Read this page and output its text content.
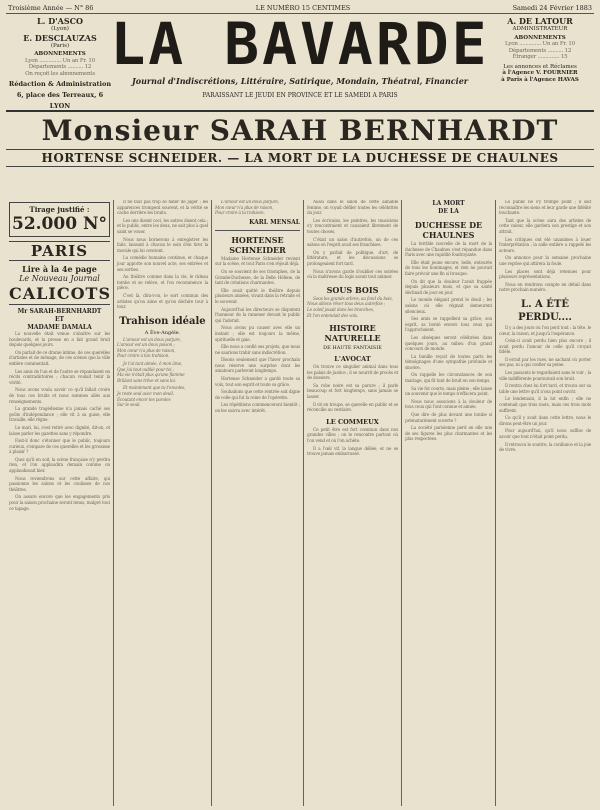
Troisième Année — N° 86	LE NUMÉRO 15 CENTIMES	Samedi 24 Février 1883
L. D'ASCO
(Lyon)
E. DESCLAUZAS
(Paris)
ABONNEMENTS
Lyon .............. Un an Fr. 10
Départements .......... 12
On reçoit les abonnements
Rédaction & Administration
6, place des Terreaux, 6
LYON
LA BAVARDE
Journal d'Indiscrétions, Littéraire, Satirique, Mondain, Théatral, Financier
PARAISSANT LE JEUDI EN PROVINCE ET LE SAMEDI A PARIS
A. DE LATOUR
ADMINISTRATEUR
ABONNEMENTS
Lyon .............. Un an Fr. 10
Départements .......... 12
Étranger .............. 15
Les annonces et Réclames
à l'Agence V. FOURNIER
à Paris à l'Agence HAVAS
Monsieur SARAH BERNHARDT
HORTENSE SCHNEIDER. — LA MORT DE LA DUCHESSE DE CHAULNES
Tirage justifié :
52.000 N°
PARIS
Lire à la 4e page
Le Nouveau Journal
CALICOTS
Mr SARAH-BERNHARDT
ET
MADAME DAMALA

La nouvelle était venue s'abattre sur les boulevards, et la presse en a fait grand bruit depuis quelques jours.

On parlait de ce drame intime, de ces querelles d'artistes et de ménage, de ces scènes que la ville entière commentait.

Les amis de l'un et de l'autre se répandaient en récits contradictoires ; chacun voulait tenir la vérité.

Nous avons voulu savoir ce qu'il fallait croire de tous ces bruits et nous sommes allés aux renseignements.

La grande tragédienne n'a jamais caché ses goûts d'indépendance ; elle vit à sa guise, elle travaille, elle règne.

Le mari, lui, s'est retiré avec dignité, dit-on, et laisse parler les gazettes sans y répondre.

Faut-il donc s'étonner que le public, toujours curieux, s'empare de ces querelles et les grossisse à plaisir ?

Quoi qu'il en soit, la scène française n'y perdra rien, et l'on applaudira demain comme on applaudissait hier.

Nous reviendrons sur cette affaire, qui passionne les salons et les coulisses de nos théâtres.

On assure encore que les engagements pris pour la saison prochaine seront tenus, malgré tout ce tapage.

Il ne faut pas trop se hâter de juger ; les apparences trompent souvent, et la vérité se cache derrière les bruits.

Les uns disent ceci, les autres disent cela ; et le public, entre les deux, ne sait plus à quel saint se vouer.

Nous nous bornerons à enregistrer les faits, laissant à chacun le soin d'en tirer la morale qui lui convient.

La comédie humaine continue, et chaque jour apporte son nouvel acte, ses entrées et ses sorties.

Au théâtre comme dans la vie, le rideau tombe et se relève, et l'on recommence la pièce.

C'est là, dira-t-on, le sort commun des artistes qu'on aime et qu'on déchire tour à tour.

Trahison idéale
A Ève-Angèle.

L'amour est un doux parjure,
L'amour est un doux poison ;
Mon cœur n'a plus de raison,
Pour croire à ton trahison.

Je t'ai tant aimée, ô mon âme,
Que j'ai tout oublié pour toi ;
Ma vie n'était plus qu'une flamme
Brûlant sans trêve et sans loi.

Et maintenant que tu t'envoles,
Je reste seul avec mon deuil,
Écoutant encor tes paroles
Sur le seuil.

L'amour est un doux parjure,
Mon cœur n'a plus de raison,
Pour croire à ta trahison.

KARL MENSAL
HORTENSE SCHNEIDER

Madame Hortense Schneider revient sur la scène, et tout Paris s'en réjouit déjà.

On se souvient de ses triomphes, de la Grande-Duchesse, de la Belle Hélène, de tant de créations charmantes.

Elle avait quitté le théâtre depuis plusieurs années, vivant dans la retraite et le souvenir.

Aujourd'hui les directeurs se disputent l'honneur de la ramener devant le public qui l'adorait.

Nous avons pu causer avec elle un instant ; elle est toujours la même, spirituelle et gaie.

Elle nous a confié ses projets, que nous ne saurions trahir sans indiscrétion.

Disons seulement que l'hiver prochain nous réserve une surprise dont les amateurs parleront longtemps.

Hortense Schneider a gardé toute sa voix, tout son esprit et toute sa grâce.

Souhaitons que cette rentrée soit digne de celle qui fut la reine de l'opérette.

Les répétitions commenceront bientôt ; on les suivra avec intérêt.

Aussi dans le salon de cette aimable femme, on voyait défiler toutes les célébrités du jour.

Les écrivains, les peintres, les musiciens s'y rencontraient et causaient librement de toutes choses.

C'était un salon d'autrefois, un de ces salons où l'esprit avait ses franchises.

On y parlait de politique, d'art, de littérature, et les discussions se prolongeaient fort tard.

Nous n'avons garde d'oublier ces soirées où la maîtresse du logis savait tout animer.

SOUS BOIS

Sous les grands arbres, au fond du bois,
Nous allions rêver tous deux autrefois ;
Le soleil jouait dans les branches,
Et l'on entendait des voix.

HISTOIRE NATURELLE
DE HAUTE FANTAISIE
L'AVOCAT

On trouve ce singulier animal dans tous les palais de justice ; il se nourrit de procès et de dossiers.

Sa robe noire est sa parure ; il parle beaucoup et fort longtemps, sans jamais se lasser.

Il vit en troupe, se querelle en public et se réconcilie au vestiaire.

LE COMMEUX

Ce petit être est fort commun dans nos grandes villes ; on le rencontre partout où l'on vend et où l'on achète.

Il a l'œil vif, la langue déliée, et ne se trouve jamais embarrassé.

LA MORT
DE LA
DUCHESSE DE CHAULNES

La terrible nouvelle de la mort de la duchesse de Chaulnes s'est répandue dans Paris avec une rapidité foudroyante.

Elle était jeune encore, belle, entourée de tous les hommages, et rien ne pouvait faire prévoir une fin si brusque.

On dit que la douleur l'avait frappée depuis plusieurs mois, et que sa santé déclinait de jour en jour.

Le monde élégant prend le deuil ; les salons où elle régnait demeurent silencieux.

Ses amis se rappellent sa grâce, son esprit, sa bonté envers tous ceux qui l'approchaient.

Les obsèques seront célébrées dans quelques jours, au milieu d'un grand concours de monde.

La famille reçoit de toutes parts les témoignages d'une sympathie profonde et sincère.

On rappelle les circonstances de son mariage, qui fit tant de bruit en son temps.

Sa vie fut courte, mais pleine ; elle laisse un souvenir que le temps n'effacera point.

Nous nous associons à la douleur de tous ceux qui l'ont connue et aimée.

Que dire de plus devant une tombe si prématurément ouverte ?

La société parisienne perd en elle une de ses figures les plus charmantes et les plus respectées.

Le public ne s'y trompe point ; il sait reconnaître les siens et leur garde une fidélité touchante.

Tant que la scène aura des artistes de cette valeur, elle gardera son prestige et son attrait.

Les critiques ont été unanimes à louer l'interprétation ; la salle entière a rappelé les acteurs.

On annonce pour la semaine prochaine une reprise qui attirera la foule.

Les places sont déjà retenues pour plusieurs représentations.

Nous en rendrons compte en détail dans notre prochain numéro.

L. A ÉTÉ PERDU....

Il y a des jours où l'on perd tout : la tête, le cœur, la raison, et jusqu'à l'espérance.

Celui-ci avait perdu bien plus encore ; il avait perdu l'amour de celle qu'il croyait fidèle.

Il errait par les rues, ne sachant où porter ses pas, ni à qui confier sa peine.

Les passants le regardaient sans le voir ; la ville indifférente poursuivait son bruit.

Il rentra chez lui fort tard, et trouva sur sa table une lettre qu'il n'osa point ouvrir.

Le lendemain, il la lut enfin ; elle ne contenait que trois mots, mais ces trois mots suffirent.

Ce qu'il y avait dans cette lettre, nous le dirons peut-être un jour.

Pour aujourd'hui, qu'il nous suffise de savoir que tout n'était point perdu.

Il retrouva le sourire, la confiance et la joie de vivre.
